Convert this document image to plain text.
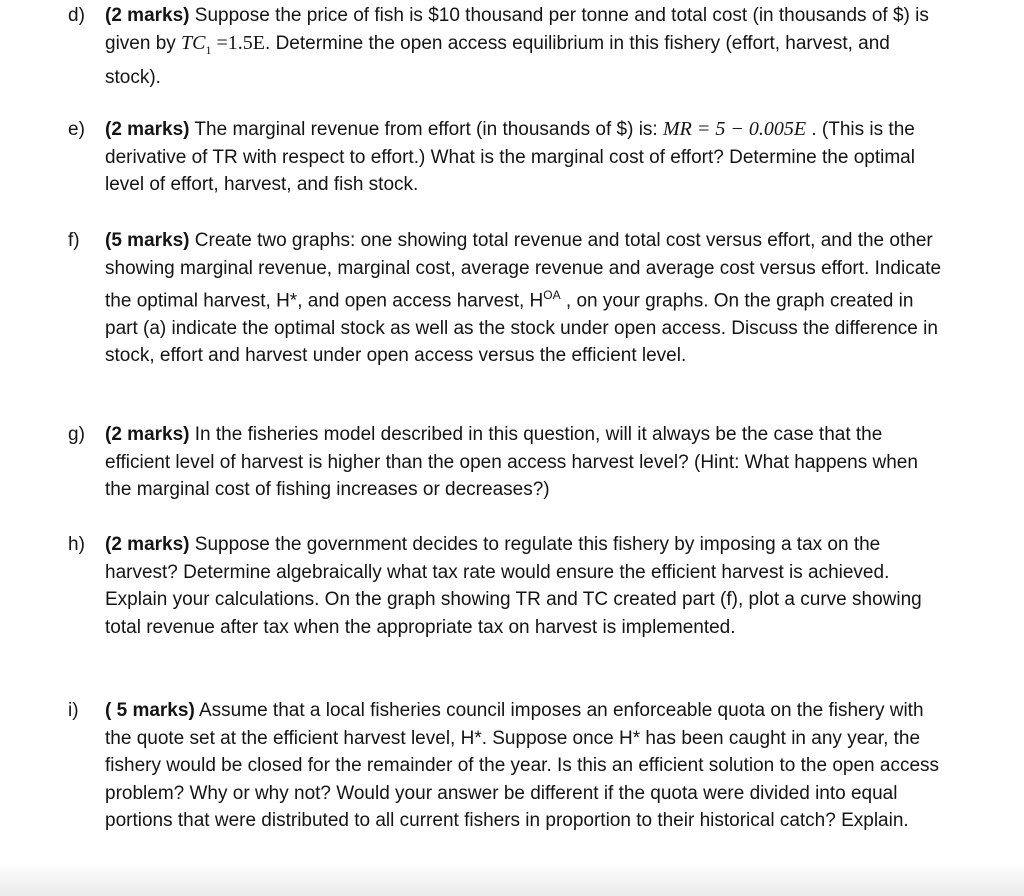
d)	(2 marks) Suppose the price of fish is $10 thousand per tonne and total cost (in thousands of $) is given by $TC_1 =1.5E$. Determine the open access equilibrium in this fishery (effort, harvest, and stock).
e)	(2 marks) The marginal revenue from effort (in thousands of $) is: MR = 5 − 0.005E . (This is the derivative of TR with respect to effort.) What is the marginal cost of effort? Determine the optimal level of effort, harvest, and fish stock.
f)	(5 marks) Create two graphs: one showing total revenue and total cost versus effort, and the other showing marginal revenue, marginal cost, average revenue and average cost versus effort. Indicate the optimal harvest, H*, and open access harvest, $H^{OA}$ , on your graphs. On the graph created in part (a) indicate the optimal stock as well as the stock under open access. Discuss the difference in stock, effort and harvest under open access versus the efficient level.
g)	(2 marks) In the fisheries model described in this question, will it always be the case that the efficient level of harvest is higher than the open access harvest level? (Hint: What happens when the marginal cost of fishing increases or decreases?)
h)	(2 marks) Suppose the government decides to regulate this fishery by imposing a tax on the harvest? Determine algebraically what tax rate would ensure the efficient harvest is achieved. Explain your calculations. On the graph showing TR and TC created part (f), plot a curve showing total revenue after tax when the appropriate tax on harvest is implemented.
i)	( 5 marks) Assume that a local fisheries council imposes an enforceable quota on the fishery with the quote set at the efficient harvest level, H*. Suppose once H* has been caught in any year, the fishery would be closed for the remainder of the year. Is this an efficient solution to the open access problem? Why or why not? Would your answer be different if the quota were divided into equal portions that were distributed to all current fishers in proportion to their historical catch? Explain.
